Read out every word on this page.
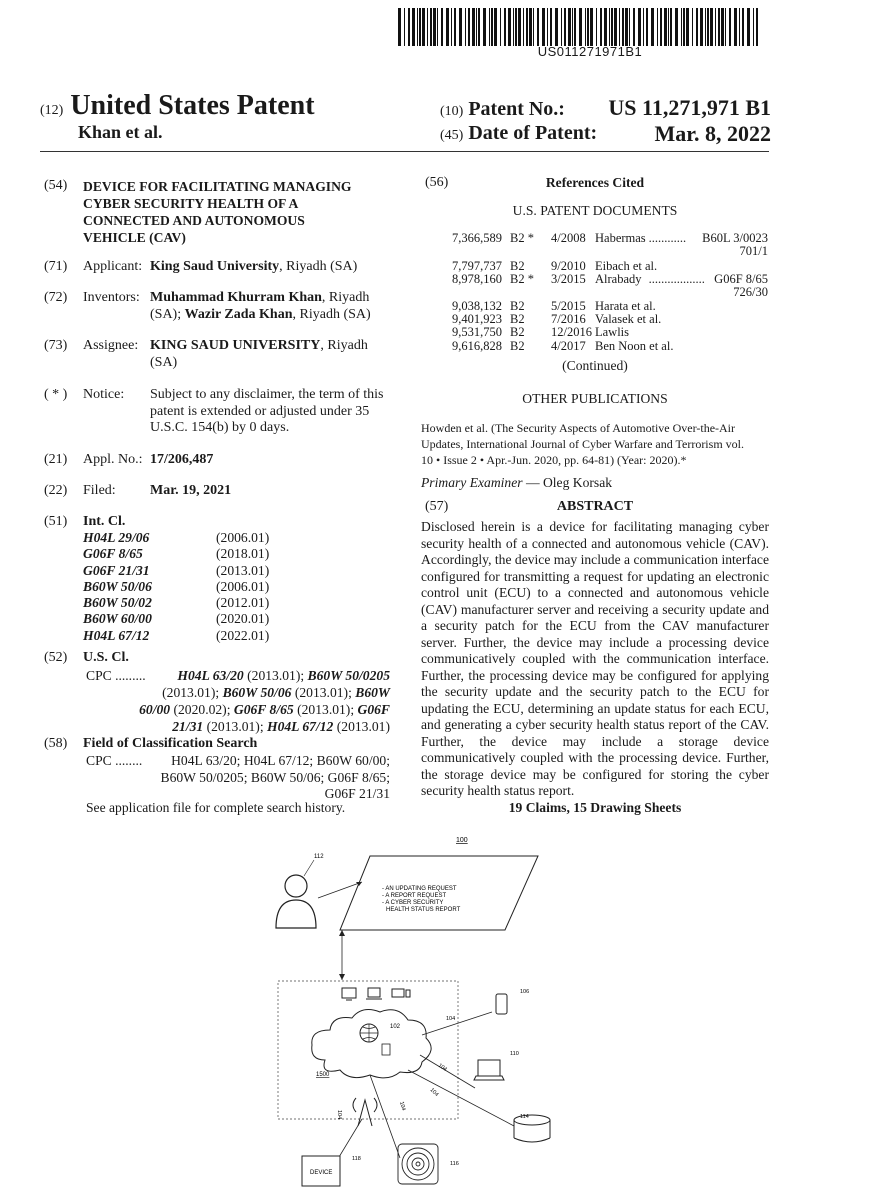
US011271971B1
(12) United States Patent
Khan et al.
(10) Patent No.: US 11,271,971 B1
(45) Date of Patent:	Mar. 8, 2022
(54)	DEVICE FOR FACILITATING MANAGING
CYBER SECURITY HEALTH OF A
CONNECTED AND AUTONOMOUS
VEHICLE (CAV)
(71)	Applicant: King Saud University, Riyadh (SA)
(72)	Inventors: Muhammad Khurram Khan, Riyadh
(SA); Wazir Zada Khan, Riyadh (SA)
(73)	Assignee: KING SAUD UNIVERSITY, Riyadh
(SA)
( * )	Notice: Subject to any disclaimer, the term of this
patent is extended or adjusted under 35
U.S.C. 154(b) by 0 days.
(21)	Appl. No.: 17/206,487
(22)	Filed: Mar. 19, 2021
(51)	Int. Cl.
H04L 29/06	(2006.01)
G06F 8/65	(2018.01)
G06F 21/31	(2013.01)
B60W 50/06	(2006.01)
B60W 50/02	(2012.01)
B60W 60/00	(2020.01)
H04L 67/12	(2022.01)
(52)	U.S. Cl.
CPC ......... H04L 63/20 (2013.01); B60W 50/0205
(2013.01); B60W 50/06 (2013.01); B60W
60/00 (2020.02); G06F 8/65 (2013.01); G06F
21/31 (2013.01); H04L 67/12 (2013.01)
(58)	Field of Classification Search
CPC ........ H04L 63/20; H04L 67/12; B60W 60/00;
B60W 50/0205; B60W 50/06; G06F 8/65;
G06F 21/31
See application file for complete search history.
(56)	References Cited
U.S. PATENT DOCUMENTS
7,366,589 B2 * 4/2008 Habermas ............ B60L 3/0023
701/1
7,797,737 B2 9/2010 Eibach et al.
8,978,160 B2 * 3/2015 Alrabady .................. G06F 8/65
726/30
9,038,132 B2 5/2015 Harata et al.
9,401,923 B2 7/2016 Valasek et al.
9,531,750 B2 12/2016 Lawlis
9,616,828 B2 4/2017 Ben Noon et al.
(Continued)
OTHER PUBLICATIONS
Howden et al. (The Security Aspects of Automotive Over-the-Air
Updates, International Journal of Cyber Warfare and Terrorism vol.
10 • Issue 2 • Apr.-Jun. 2020, pp. 64-81) (Year: 2020).*
Primary Examiner — Oleg Korsak
(57)	ABSTRACT
Disclosed herein is a device for facilitating managing cyber security health of a connected and autonomous vehicle (CAV). Accordingly, the device may include a communication interface configured for transmitting a request for updating an electronic control unit (ECU) to a connected and autonomous vehicle (CAV) manufacturer server and receiving a security update and a security patch for the ECU from the CAV manufacturer server. Further, the device may include a processing device communicatively coupled with the communication interface. Further, the processing device may be configured for applying the security update and the security patch to the ECU for updating the ECU, determining an update status for each ECU, and generating a cyber security health status report of the CAV. Further, the device may include a storage device communicatively coupled with the processing device. Further, the storage device may be configured for storing the cyber security health status report.
19 Claims, 15 Drawing Sheets
100
112
- AN UPDATING REQUEST
- A REPORT REQUEST
- A CYBER SECURITY
HEALTH STATUS REPORT
102
104
104
104
104
104
1500
106
110
114
DEVICE
118
116
